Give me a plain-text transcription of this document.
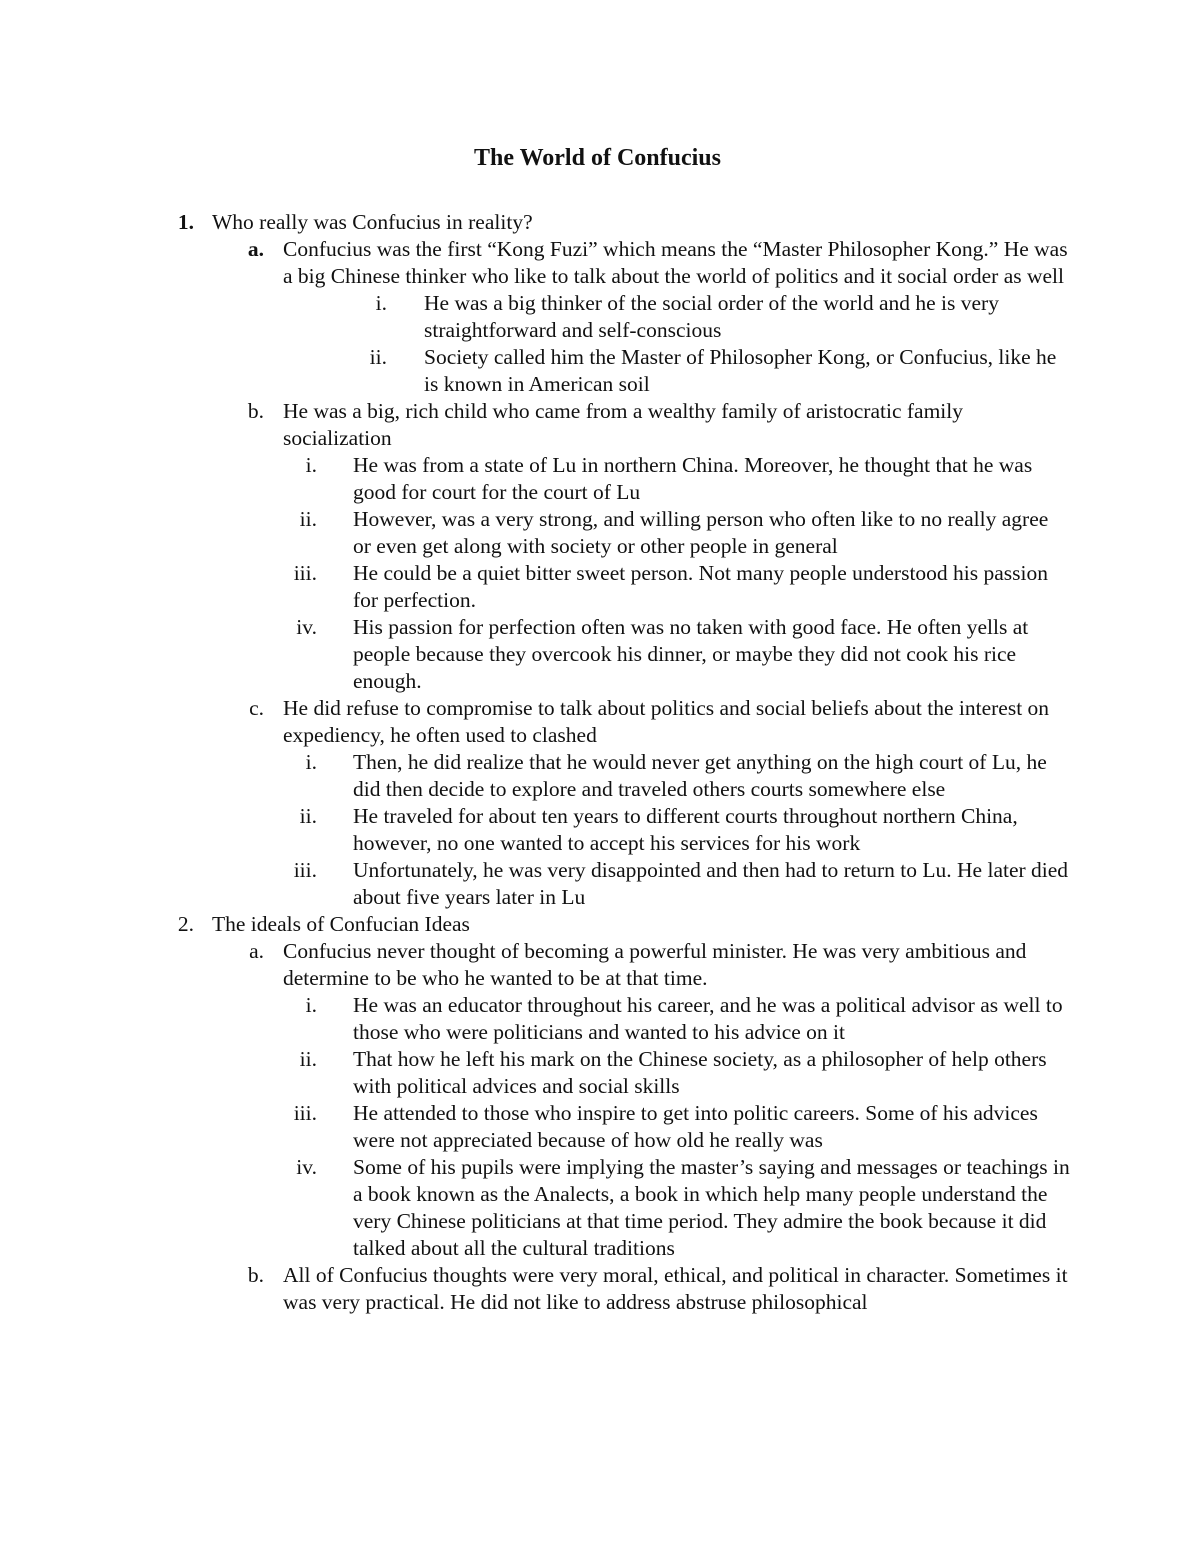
The World of Confucius
1. Who really was Confucius in reality?
a. Confucius was the first “Kong Fuzi” which means the “Master Philosopher Kong.” He was a big Chinese thinker who like to talk about the world of politics and it social order as well
i. He was a big thinker of the social order of the world and he is very straightforward and self-conscious
ii. Society called him the Master of Philosopher Kong, or Confucius, like he is known in American soil
b. He was a big, rich child who came from a wealthy family of aristocratic family socialization
i. He was from a state of Lu in northern China. Moreover, he thought that he was good for court for the court of Lu
ii. However, was a very strong, and willing person who often like to no really agree or even get along with society or other people in general
iii. He could be a quiet bitter sweet person. Not many people understood his passion for perfection.
iv. His passion for perfection often was no taken with good face. He often yells at people because they overcook his dinner, or maybe they did not cook his rice enough.
c. He did refuse to compromise to talk about politics and social beliefs about the interest on expediency, he often used to clashed
i. Then, he did realize that he would never get anything on the high court of Lu, he did then decide to explore and traveled others courts somewhere else
ii. He traveled for about ten years to different courts throughout northern China, however, no one wanted to accept his services for his work
iii. Unfortunately, he was very disappointed and then had to return to Lu. He later died about five years later in Lu
2. The ideals of Confucian Ideas
a. Confucius never thought of becoming a powerful minister. He was very ambitious and determine to be who he wanted to be at that time.
i. He was an educator throughout his career, and he was a political advisor as well to those who were politicians and wanted to his advice on it
ii. That how he left his mark on the Chinese society, as a philosopher of help others with political advices and social skills
iii. He attended to those who inspire to get into politic careers. Some of his advices were not appreciated because of how old he really was
iv. Some of his pupils were implying the master’s saying and messages or teachings in a book known as the Analects, a book in which help many people understand the very Chinese politicians at that time period. They admire the book because it did talked about all the cultural traditions
b. All of Confucius thoughts were very moral, ethical, and political in character. Sometimes it was very practical. He did not like to address abstruse philosophical
